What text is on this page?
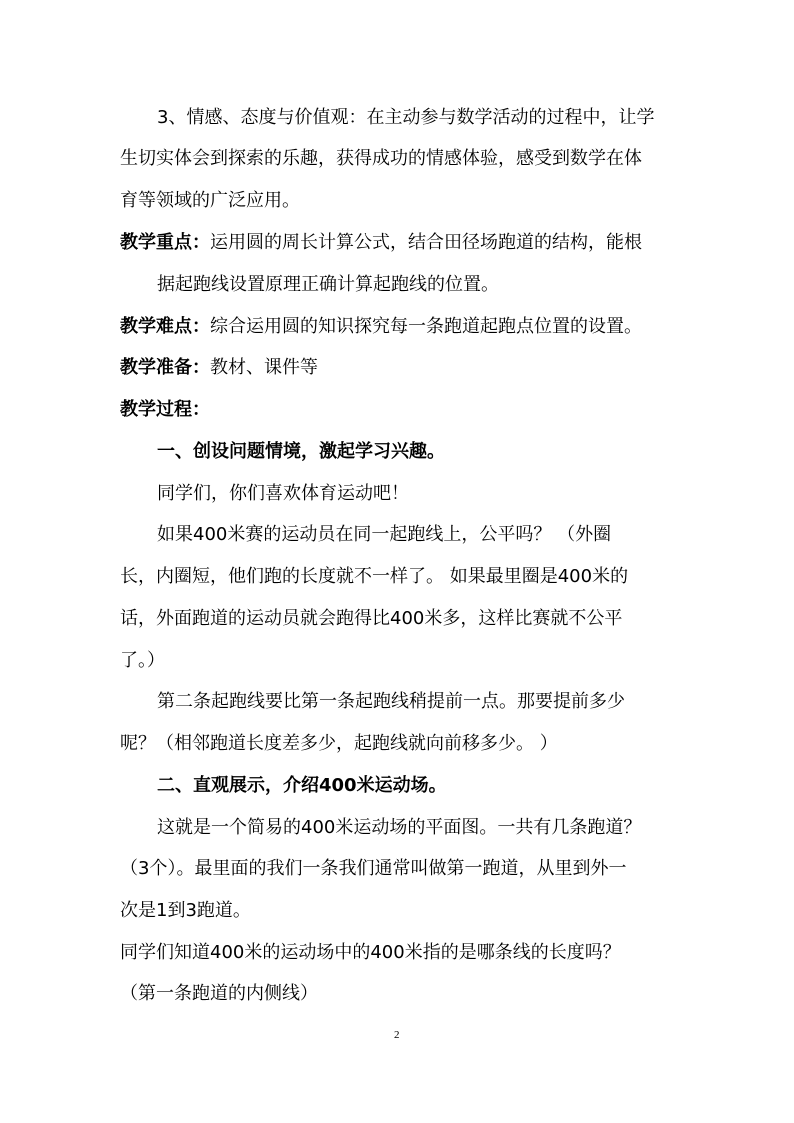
3、情感、态度与价值观：在主动参与数学活动的过程中，让学
生切实体会到探索的乐趣，获得成功的情感体验，感受到数学在体
育等领域的广泛应用。
教学重点：运用圆的周长计算公式，结合田径场跑道的结构，能根
据起跑线设置原理正确计算起跑线的位置。
教学难点：综合运用圆的知识探究每一条跑道起跑点位置的设置。
教学准备：教材、课件等
教学过程：
一、创设问题情境，激起学习兴趣。
同学们，你们喜欢体育运动吧！
如果400米赛的运动员在同一起跑线上，公平吗？ （外圈
长，内圈短，他们跑的长度就不一样了。 如果最里圈是400米的
话，外面跑道的运动员就会跑得比400米多，这样比赛就不公平
了。）
第二条起跑线要比第一条起跑线稍提前一点。那要提前多少
呢？（相邻跑道长度差多少，起跑线就向前移多少。 ）
二、直观展示，介绍400米运动场。
这就是一个简易的400米运动场的平面图。一共有几条跑道？
（3个）。最里面的我们一条我们通常叫做第一跑道，从里到外一
次是1到3跑道。
同学们知道400米的运动场中的400米指的是哪条线的长度吗？
（第一条跑道的内侧线）
2
